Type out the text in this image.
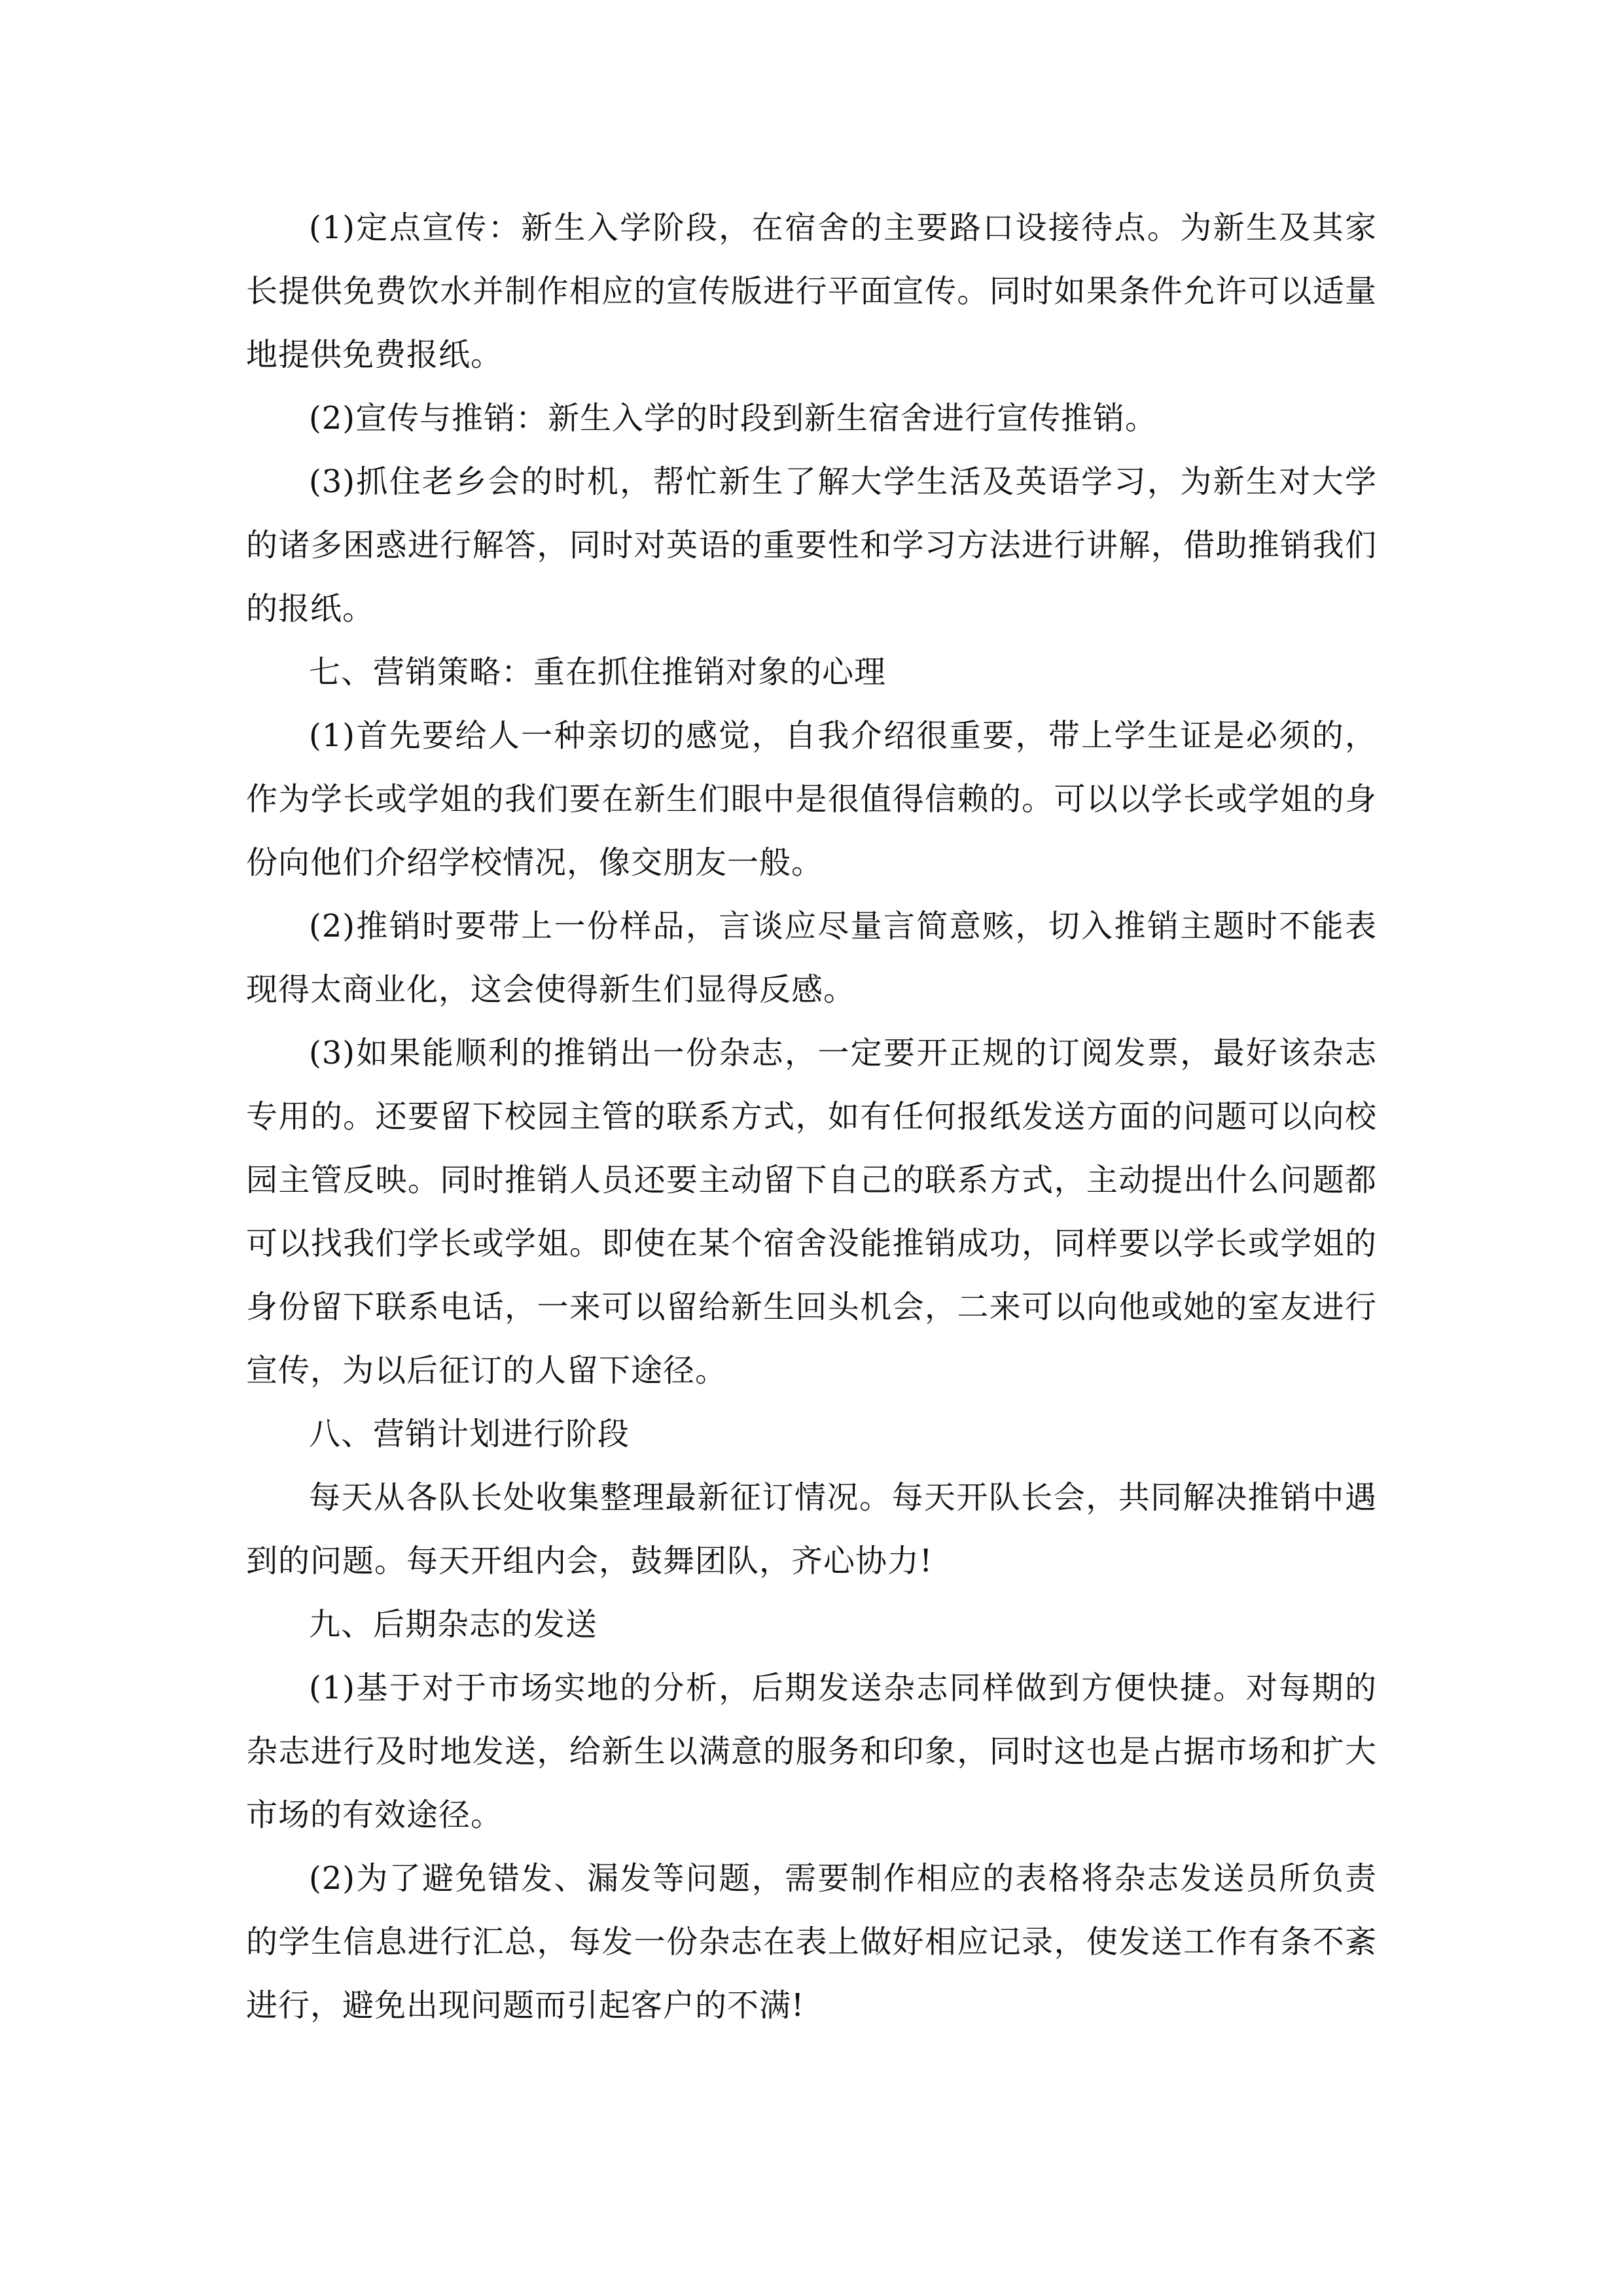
(1)定点宣传：新生入学阶段，在宿舍的主要路口设接待点。为新生及其家长提供免费饮水并制作相应的宣传版进行平面宣传。同时如果条件允许可以适量地提供免费报纸。

(2)宣传与推销：新生入学的时段到新生宿舍进行宣传推销。

(3)抓住老乡会的时机，帮忙新生了解大学生活及英语学习，为新生对大学的诸多困惑进行解答，同时对英语的重要性和学习方法进行讲解，借助推销我们的报纸。

七、营销策略：重在抓住推销对象的心理

(1)首先要给人一种亲切的感觉，自我介绍很重要，带上学生证是必须的，作为学长或学姐的我们要在新生们眼中是很值得信赖的。可以以学长或学姐的身份向他们介绍学校情况，像交朋友一般。

(2)推销时要带上一份样品，言谈应尽量言简意赅，切入推销主题时不能表现得太商业化，这会使得新生们显得反感。

(3)如果能顺利的推销出一份杂志，一定要开正规的订阅发票，最好该杂志专用的。还要留下校园主管的联系方式，如有任何报纸发送方面的问题可以向校园主管反映。同时推销人员还要主动留下自己的联系方式，主动提出什么问题都可以找我们学长或学姐。即使在某个宿舍没能推销成功，同样要以学长或学姐的身份留下联系电话，一来可以留给新生回头机会，二来可以向他或她的室友进行宣传，为以后征订的人留下途径。

八、营销计划进行阶段

每天从各队长处收集整理最新征订情况。每天开队长会，共同解决推销中遇到的问题。每天开组内会，鼓舞团队，齐心协力!

九、后期杂志的发送

(1)基于对于市场实地的分析，后期发送杂志同样做到方便快捷。对每期的杂志进行及时地发送，给新生以满意的服务和印象，同时这也是占据市场和扩大市场的有效途径。

(2)为了避免错发、漏发等问题，需要制作相应的表格将杂志发送员所负责的学生信息进行汇总，每发一份杂志在表上做好相应记录，使发送工作有条不紊进行，避免出现问题而引起客户的不满!
